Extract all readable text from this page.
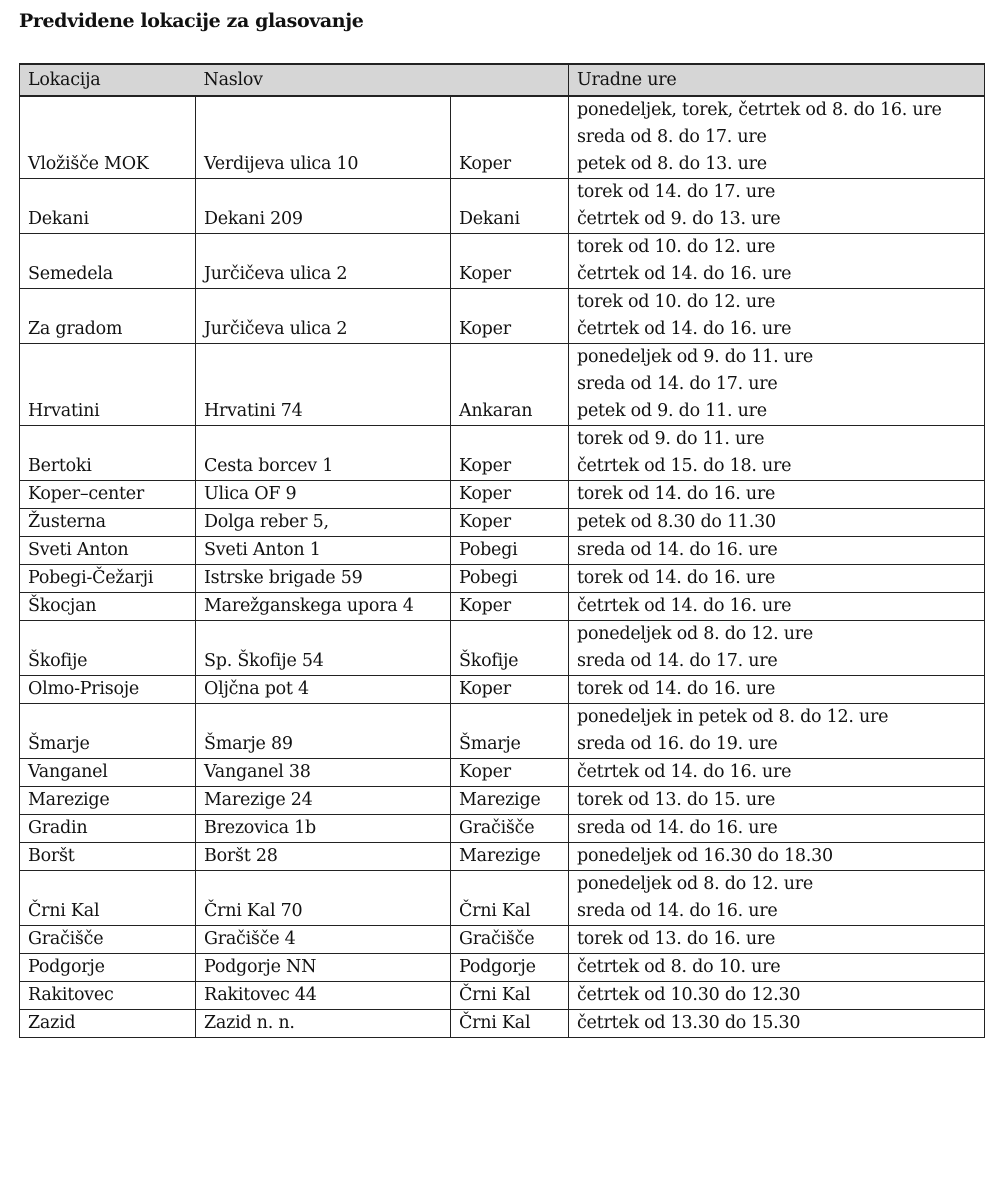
Predvidene lokacije za glasovanje
Lokacija	Naslov		Uradne ure
Vložišče MOK	Verdijeva ulica 10	Koper	ponedeljek, torek, četrtek od 8. do 16. ure
sreda od 8. do 17. ure
petek od 8. do 13. ure

Dekani	Dekani 209	Dekani	torek od 14. do 17. ure
četrtek od 9. do 13. ure

Semedela	Jurčičeva ulica 2	Koper	torek od 10. do 12. ure
četrtek od 14. do 16. ure

Za gradom	Jurčičeva ulica 2	Koper	torek od 10. do 12. ure
četrtek od 14. do 16. ure

Hrvatini	Hrvatini 74	Ankaran	ponedeljek od 9. do 11. ure
sreda od 14. do 17. ure
petek od 9. do 11. ure

Bertoki	Cesta borcev 1	Koper	torek od 9. do 11. ure
četrtek od 15. do 18. ure

Koper–center	Ulica OF 9	Koper	torek od 14. do 16. ure

Žusterna	Dolga reber 5,	Koper	petek od 8.30 do 11.30

Sveti Anton	Sveti Anton 1	Pobegi	sreda od 14. do 16. ure

Pobegi-Čežarji	Istrske brigade 59	Pobegi	torek od 14. do 16. ure

Škocjan	Marežganskega upora 4	Koper	četrtek od 14. do 16. ure

Škofije	Sp. Škofije 54	Škofije	ponedeljek od 8. do 12. ure
sreda od 14. do 17. ure

Olmo-Prisoje	Oljčna pot 4	Koper	torek od 14. do 16. ure

Šmarje	Šmarje 89	Šmarje	ponedeljek in petek od 8. do 12. ure
sreda od 16. do 19. ure

Vanganel	Vanganel 38	Koper	četrtek od 14. do 16. ure

Marezige	Marezige 24	Marezige	torek od 13. do 15. ure

Gradin	Brezovica 1b	Gračišče	sreda od 14. do 16. ure

Boršt	Boršt 28	Marezige	ponedeljek od 16.30 do 18.30

Črni Kal	Črni Kal 70	Črni Kal	ponedeljek od 8. do 12. ure
sreda od 14. do 16. ure

Gračišče	Gračišče 4	Gračišče	torek od 13. do 16. ure

Podgorje	Podgorje NN	Podgorje	četrtek od 8. do 10. ure

Rakitovec	Rakitovec 44	Črni Kal	četrtek od 10.30 do 12.30

Zazid	Zazid n. n.	Črni Kal	četrtek od 13.30 do 15.30
